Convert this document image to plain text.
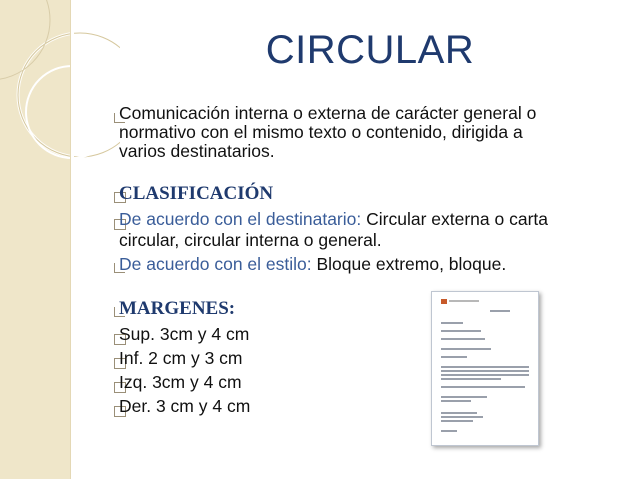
CIRCULAR
Comunicación interna o externa de carácter general o
normativo con el mismo texto o contenido, dirigida a
varios destinatarios.
CLASIFICACIÓN
De acuerdo con el destinatario: Circular externa o carta
circular, circular interna o general.
De acuerdo con el estilo: Bloque extremo, bloque.
MARGENES:
Sup. 3cm y 4 cm
Inf. 2 cm y 3 cm
Izq. 3cm y 4 cm
Der. 3 cm y 4 cm
